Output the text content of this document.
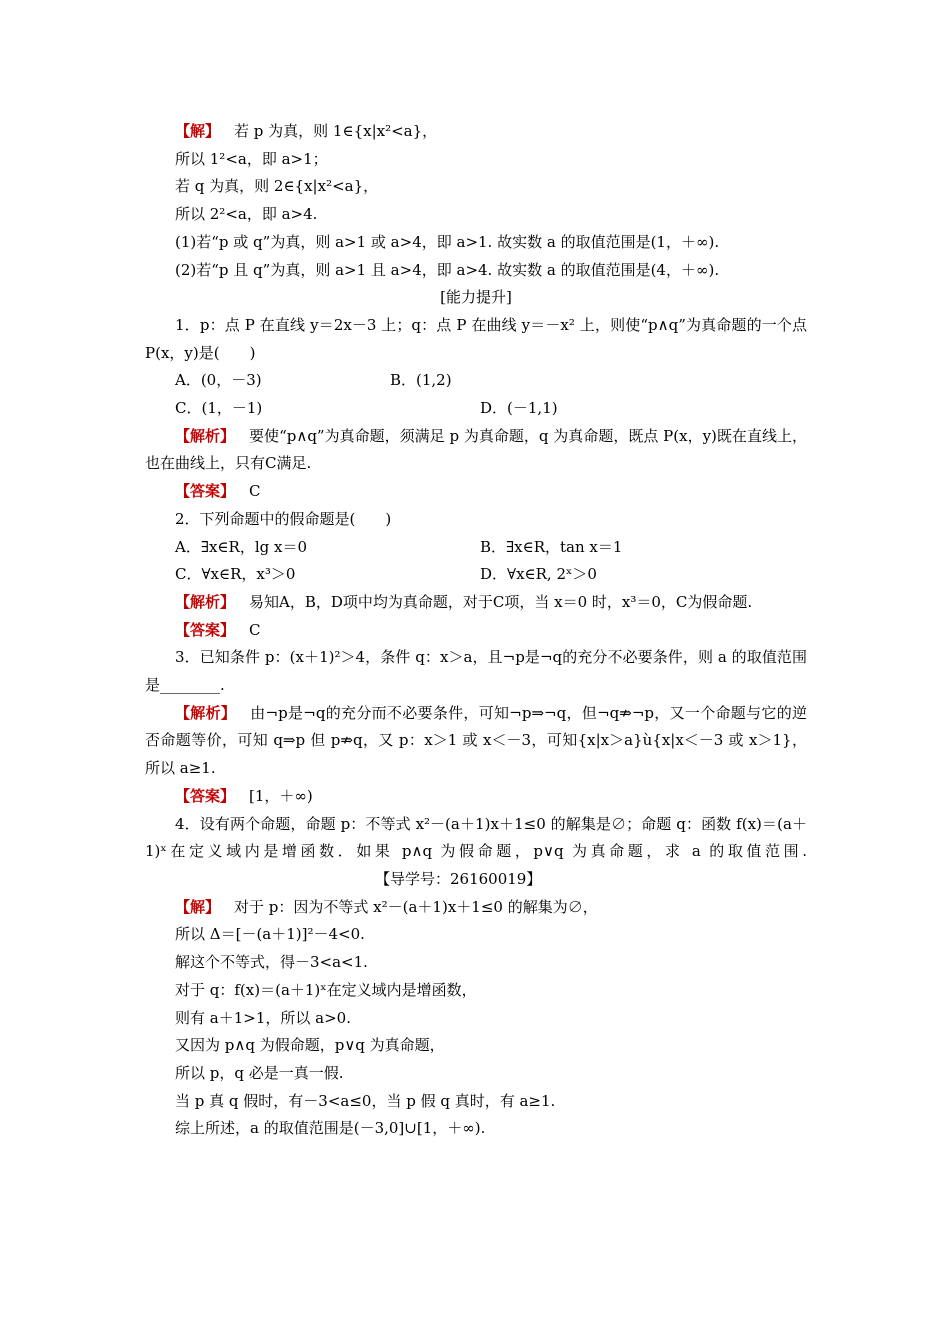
【解】 若 p 为真，则 1∈{x|x²<a}，
所以 1²<a，即 a>1；
若 q 为真，则 2∈{x|x²<a}，
所以 2²<a，即 a>4.
(1)若“p 或 q”为真，则 a>1 或 a>4，即 a>1. 故实数 a 的取值范围是(1，＋∞).
(2)若“p 且 q”为真，则 a>1 且 a>4，即 a>4. 故实数 a 的取值范围是(4，＋∞).
[能力提升]
1．p：点 P 在直线 y＝2x－3 上；q：点 P 在曲线 y＝－x² 上，则使“p∧q”为真命题的一个点 P(x，y)是(　　)
A．(0，－3)	B．(1,2)
C．(1，－1)	D．(－1,1)
【解析】 要使“p∧q”为真命题，须满足 p 为真命题，q 为真命题，既点 P(x，y)既在直线上，也在曲线上，只有C满足.
【答案】 C
2．下列命题中的假命题是(　　)
A．∃x∈R，lg x＝0	B．∃x∈R，tan x＝1
C．∀x∈R，x³＞0	D．∀x∈R, 2ˣ＞0
【解析】 易知A，B，D项中均为真命题，对于C项，当 x＝0 时，x³＝0，C为假命题.
【答案】 C
3．已知条件 p：(x＋1)²＞4，条件 q：x＞a，且¬p是¬q的充分不必要条件，则 a 的取值范围是________.
【解析】 由¬p是¬q的充分而不必要条件，可知¬p⇒¬q，但¬q⇏¬p，又一个命题与它的逆否命题等价，可知 q⇒p 但 p⇏q，又 p：x＞1 或 x＜－3，可知{x|x＞a}ù{x|x＜－3 或 x＞1}，所以 a≥1.
【答案】 [1，＋∞)
4．设有两个命题，命题 p：不等式 x²－(a＋1)x＋1≤0 的解集是∅；命题 q：函数 f(x)＝(a＋1)ˣ在定义域内是增函数．如果 p∧q 为假命题，p∨q 为真命题，求 a 的取值范围.【导学号：26160019】
【解】 对于 p：因为不等式 x²－(a＋1)x＋1≤0 的解集为∅，
所以 Δ＝[－(a＋1)]²－4<0.
解这个不等式，得－3<a<1.
对于 q：f(x)＝(a＋1)ˣ在定义域内是增函数，
则有 a＋1>1，所以 a>0.
又因为 p∧q 为假命题，p∨q 为真命题，
所以 p，q 必是一真一假.
当 p 真 q 假时，有－3<a≤0，当 p 假 q 真时，有 a≥1.
综上所述，a 的取值范围是(－3,0]∪[1，＋∞).
